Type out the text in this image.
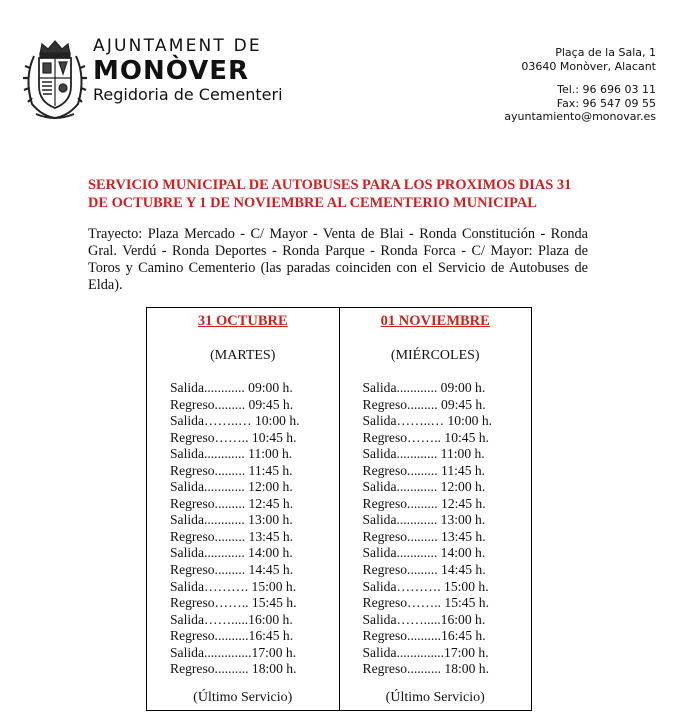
AJUNTAMENT DE
MONÒVER
Regidoria de Cementeri
Plaça de la Sala, 1
03640 Monòver, Alacant
Tel.: 96 696 03 11
Fax: 96 547 09 55
ayuntamiento@monovar.es
SERVICIO MUNICIPAL DE AUTOBUSES PARA LOS PROXIMOS DIAS 31 DE OCTUBRE Y 1 DE NOVIEMBRE AL CEMENTERIO MUNICIPAL
Trayecto: Plaza Mercado - C/ Mayor - Venta de Blai - Ronda Constitución - Ronda Gral. Verdú - Ronda Deportes - Ronda Parque - Ronda Forca - C/ Mayor: Plaza de Toros y Camino Cementerio (las paradas coinciden con el Servicio de Autobuses de Elda).
31 OCTUBRE
(MARTES)
Salida............ 09:00 h.
Regreso......... 09:45 h.
Salida……..… 10:00 h.
Regreso…….. 10:45 h.
Salida............ 11:00 h.
Regreso......... 11:45 h.
Salida............ 12:00 h.
Regreso......... 12:45 h.
Salida............ 13:00 h.
Regreso......... 13:45 h.
Salida............ 14:00 h.
Regreso......... 14:45 h.
Salida………. 15:00 h.
Regreso…….. 15:45 h.
Salida…….....16:00 h.
Regreso..........16:45 h.
Salida..............17:00 h.
Regreso.......... 18:00 h.
(Último Servicio)
01 NOVIEMBRE
(MIÉRCOLES)
Salida............ 09:00 h.
Regreso......... 09:45 h.
Salida……..… 10:00 h.
Regreso…….. 10:45 h.
Salida............ 11:00 h.
Regreso......... 11:45 h.
Salida............ 12:00 h.
Regreso......... 12:45 h.
Salida............ 13:00 h.
Regreso......... 13:45 h.
Salida............ 14:00 h.
Regreso......... 14:45 h.
Salida………. 15:00 h.
Regreso…….. 15:45 h.
Salida…….....16:00 h.
Regreso..........16:45 h.
Salida..............17:00 h.
Regreso.......... 18:00 h.
(Último Servicio)
